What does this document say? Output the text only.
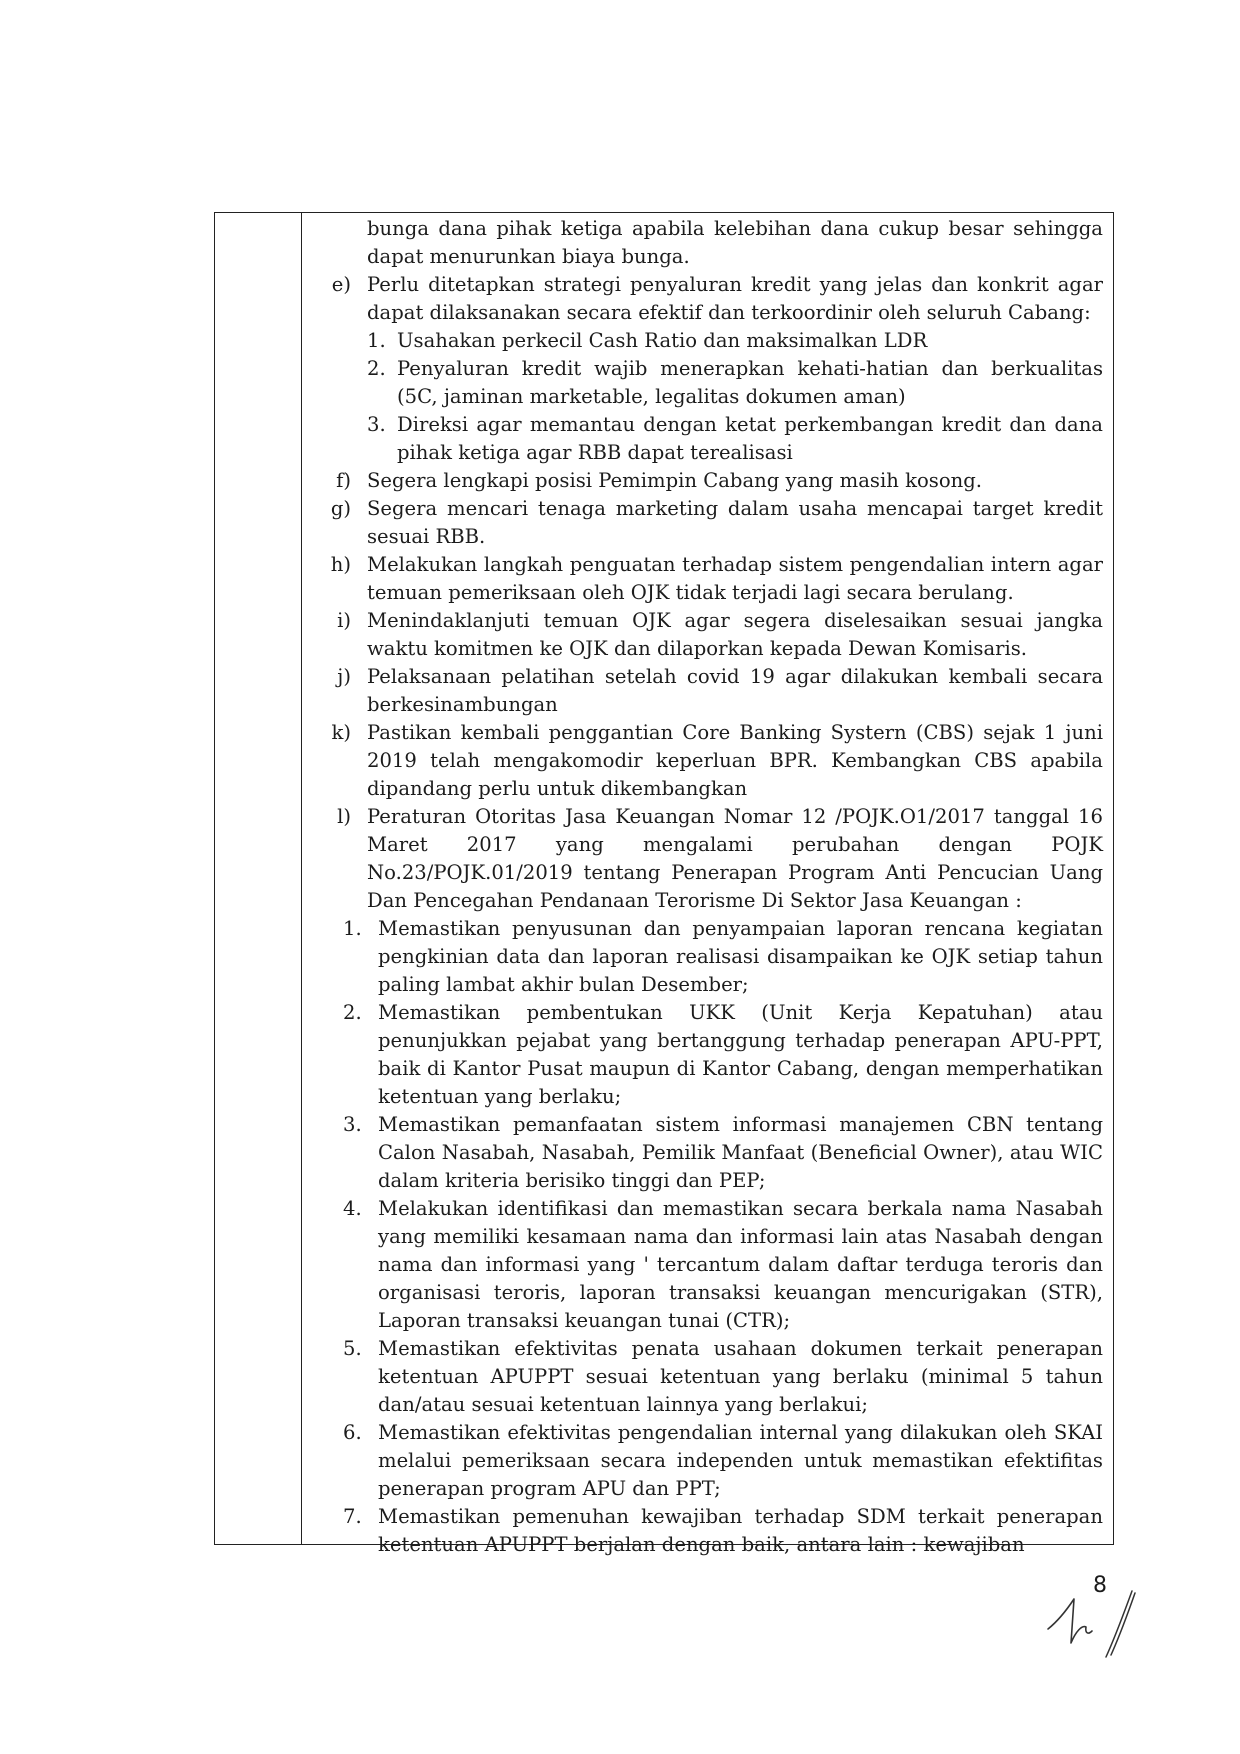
bunga dana pihak ketiga apabila kelebihan dana cukup besar sehingga dapat menurunkan biaya bunga.
e) Perlu ditetapkan strategi penyaluran kredit yang jelas dan konkrit agar dapat dilaksanakan secara efektif dan terkoordinir oleh seluruh Cabang:
1. Usahakan perkecil Cash Ratio dan maksimalkan LDR
2. Penyaluran kredit wajib menerapkan kehati-hatian dan berkualitas (5C, jaminan marketable, legalitas dokumen aman)
3. Direksi agar memantau dengan ketat perkembangan kredit dan dana pihak ketiga agar RBB dapat terealisasi
f) Segera lengkapi posisi Pemimpin Cabang yang masih kosong.
g) Segera mencari tenaga marketing dalam usaha mencapai target kredit sesuai RBB.
h) Melakukan langkah penguatan terhadap sistem pengendalian intern agar temuan pemeriksaan oleh OJK tidak terjadi lagi secara berulang.
i) Menindaklanjuti temuan OJK agar segera diselesaikan sesuai jangka waktu komitmen ke OJK dan dilaporkan kepada Dewan Komisaris.
j) Pelaksanaan pelatihan setelah covid 19 agar dilakukan kembali secara berkesinambungan
k) Pastikan kembali penggantian Core Banking Systern (CBS) sejak 1 juni 2019 telah mengakomodir keperluan BPR. Kembangkan CBS apabila dipandang perlu untuk dikembangkan
l) Peraturan Otoritas Jasa Keuangan Nomar 12 /POJK.O1/2017 tanggal 16 Maret 2017 yang mengalami perubahan dengan POJK No.23/POJK.01/2019 tentang Penerapan Program Anti Pencucian Uang Dan Pencegahan Pendanaan Terorisme Di Sektor Jasa Keuangan :
1. Memastikan penyusunan dan penyampaian laporan rencana kegiatan pengkinian data dan laporan realisasi disampaikan ke OJK setiap tahun paling lambat akhir bulan Desember;
2. Memastikan pembentukan UKK (Unit Kerja Kepatuhan) atau penunjukkan pejabat yang bertanggung terhadap penerapan APU-PPT, baik di Kantor Pusat maupun di Kantor Cabang, dengan memperhatikan ketentuan yang berlaku;
3. Memastikan pemanfaatan sistem informasi manajemen CBN tentang Calon Nasabah, Nasabah, Pemilik Manfaat (Beneficial Owner), atau WIC dalam kriteria berisiko tinggi dan PEP;
4. Melakukan identifikasi dan memastikan secara berkala nama Nasabah yang memiliki kesamaan nama dan informasi lain atas Nasabah dengan nama dan informasi yang ' tercantum dalam daftar terduga teroris dan organisasi teroris, laporan transaksi keuangan mencurigakan (STR), Laporan transaksi keuangan tunai (CTR);
5. Memastikan efektivitas penata usahaan dokumen terkait penerapan ketentuan APUPPT sesuai ketentuan yang berlaku (minimal 5 tahun dan/atau sesuai ketentuan lainnya yang berlakui;
6. Memastikan efektivitas pengendalian internal yang dilakukan oleh SKAI melalui pemeriksaan secara independen untuk memastikan efektifitas penerapan program APU dan PPT;
7. Memastikan pemenuhan kewajiban terhadap SDM terkait penerapan ketentuan APUPPT berjalan dengan baik, antara lain : kewajiban
8
